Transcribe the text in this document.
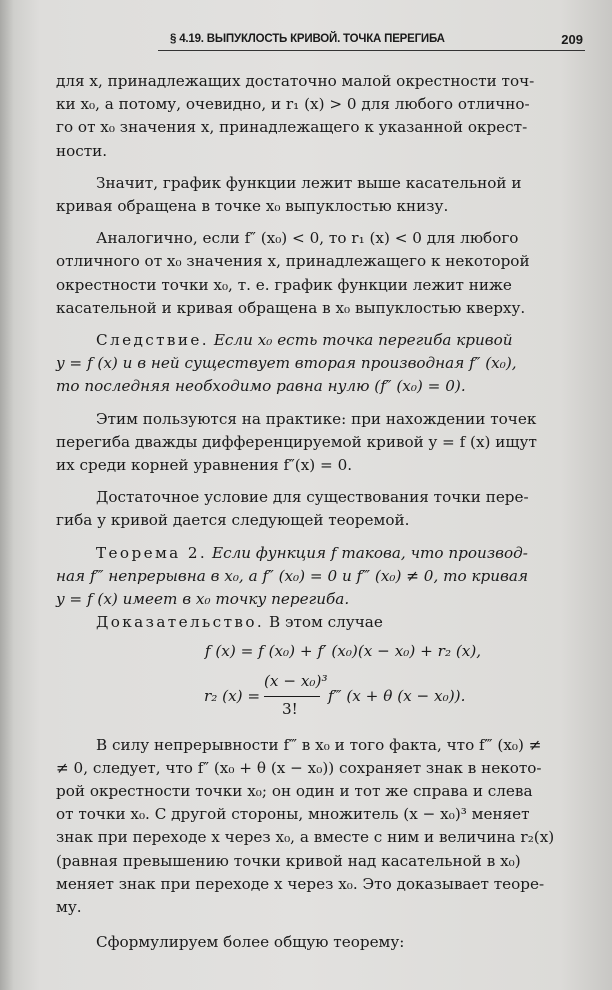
§ 4.19. ВЫПУКЛОСТЬ КРИВОЙ. ТОЧКА ПЕРЕГИБА	209

для x, принадлежащих достаточно малой окрестности точ-

ки x₀, а потому, очевидно, и r₁ (x) > 0 для любого отлично-

го от x₀ значения x, принадлежащего к указанной окрест-

ности.

Значит, график функции лежит выше касательной и

кривая обращена в точке x₀ выпуклостью книзу.

Аналогично, если f″ (x₀) < 0, то r₁ (x) < 0 для любого

отличного от x₀ значения x, принадлежащего к некоторой

окрестности точки x₀, т. е. график функции лежит ниже

касательной и кривая обращена в x₀ выпуклостью кверху.

Следствие. Если x₀ есть точка перегиба кривой

y = f (x) и в ней существует вторая производная f″ (x₀),

то последняя необходимо равна нулю (f″ (x₀) = 0).

Этим пользуются на практике: при нахождении точек

перегиба дважды дифференцируемой кривой y = f (x) ищут

их среди корней уравнения f″(x) = 0.

Достаточное условие для существования точки пере-

гиба у кривой дается следующей теоремой.

Теорема 2. Если функция f такова, что производ-

ная f‴ непрерывна в x₀, а f″ (x₀) = 0 и f‴ (x₀) ≠ 0, то кривая

y = f (x) имеет в x₀ точку перегиба.

Доказательство. В этом случае

f (x) = f (x₀) + f′ (x₀)(x − x₀) + r₂ (x),

r₂ (x) =
(x − x₀)³
3!
f‴ (x + θ (x − x₀)).

В силу непрерывности f‴ в x₀ и того факта, что f‴ (x₀) ≠

≠ 0, следует, что f″ (x₀ + θ (x − x₀)) сохраняет знак в некото-

рой окрестности точки x₀; он один и тот же справа и слева

от точки x₀. С другой стороны, множитель (x − x₀)³ меняет

знак при переходе x через x₀, а вместе с ним и величина r₂(x)

(равная превышению точки кривой над касательной в x₀)

меняет знак при переходе x через x₀. Это доказывает теоре-

му.

Сформулируем более общую теорему:
